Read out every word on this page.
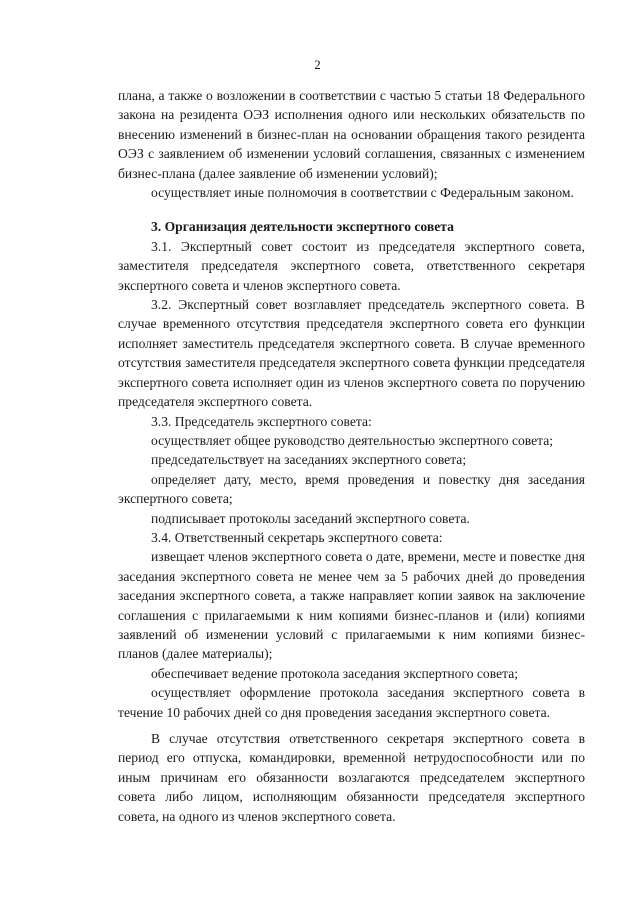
2

плана, а также о возложении в соответствии с частью 5 статьи 18 Федерального закона на резидента ОЭЗ исполнения одного или нескольких обязательств по внесению изменений в бизнес-план на основании обращения такого резидента ОЭЗ с заявлением об изменении условий соглашения, связанных с изменением бизнес-плана (далее заявление об изменении условий);

осуществляет иные полномочия в соответствии с Федеральным законом.

3. Организация деятельности экспертного совета

3.1. Экспертный совет состоит из председателя экспертного совета, заместителя председателя экспертного совета, ответственного секретаря экспертного совета и членов экспертного совета.

3.2. Экспертный совет возглавляет председатель экспертного совета. В случае временного отсутствия председателя экспертного совета его функции исполняет заместитель председателя экспертного совета. В случае временного отсутствия заместителя председателя экспертного совета функции председателя экспертного совета исполняет один из членов экспертного совета по поручению председателя экспертного совета.

3.3. Председатель экспертного совета:

осуществляет общее руководство деятельностью экспертного совета;

председательствует на заседаниях экспертного совета;

определяет дату, место, время проведения и повестку дня заседания экспертного совета;

подписывает протоколы заседаний экспертного совета.

3.4. Ответственный секретарь экспертного совета:

извещает членов экспертного совета о дате, времени, месте и повестке дня заседания экспертного совета не менее чем за 5 рабочих дней до проведения заседания экспертного совета, а также направляет копии заявок на заключение соглашения с прилагаемыми к ним копиями бизнес-планов и (или) копиями заявлений об изменении условий с прилагаемыми к ним копиями бизнес-планов (далее материалы);

обеспечивает ведение протокола заседания экспертного совета;

осуществляет оформление протокола заседания экспертного совета в течение 10 рабочих дней со дня проведения заседания экспертного совета.

В случае отсутствия ответственного секретаря экспертного совета в период его отпуска, командировки, временной нетрудоспособности или по иным причинам его обязанности возлагаются председателем экспертного совета либо лицом, исполняющим обязанности председателя экспертного совета, на одного из членов экспертного совета.
